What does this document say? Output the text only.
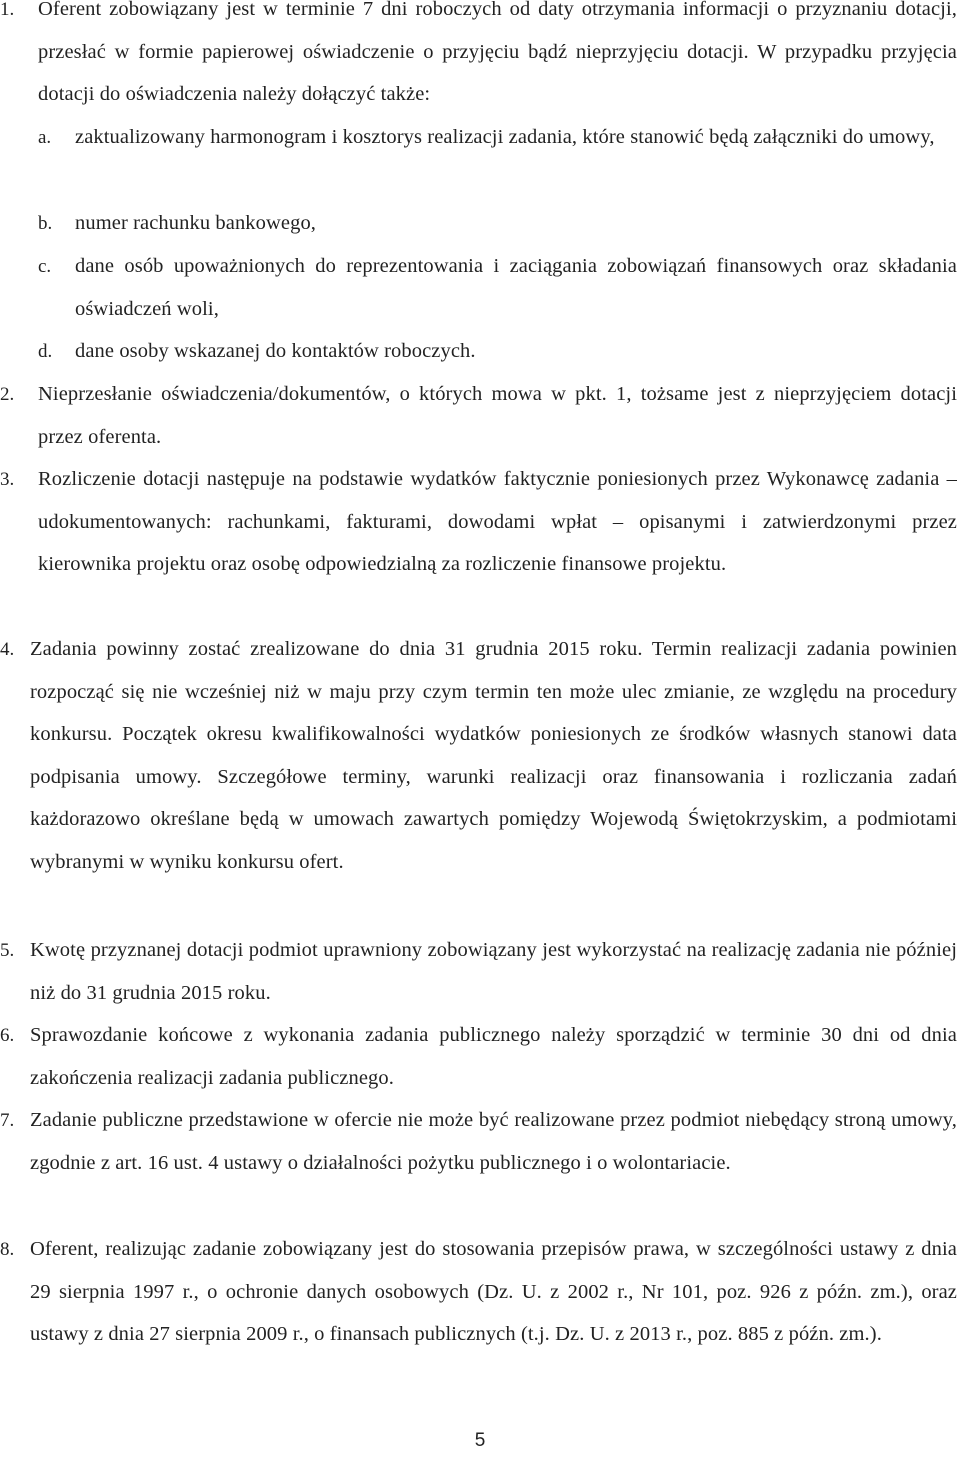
1. Oferent zobowiązany jest w terminie 7 dni roboczych od daty otrzymania informacji o przyznaniu dotacji, przesłać w formie papierowej oświadczenie o przyjęciu bądź nieprzyjęciu dotacji. W przypadku przyjęcia dotacji do oświadczenia należy dołączyć także:
a. zaktualizowany harmonogram i kosztorys realizacji zadania, które stanowić będą załączniki do umowy,
b. numer rachunku bankowego,
c. dane osób upoważnionych do reprezentowania i zaciągania zobowiązań finansowych oraz składania oświadczeń woli,
d. dane osoby wskazanej do kontaktów roboczych.
2. Nieprzesłanie oświadczenia/dokumentów, o których mowa w pkt. 1, tożsame jest z nieprzyjęciem dotacji przez oferenta.
3. Rozliczenie dotacji następuje na podstawie wydatków faktycznie poniesionych przez Wykonawcę zadania – udokumentowanych: rachunkami, fakturami, dowodami wpłat – opisanymi i zatwierdzonymi przez kierownika projektu oraz osobę odpowiedzialną za rozliczenie finansowe projektu.
4. Zadania powinny zostać zrealizowane do dnia 31 grudnia 2015 roku. Termin realizacji zadania powinien rozpocząć się nie wcześniej niż w maju przy czym termin ten może ulec zmianie, ze względu na procedury konkursu. Początek okresu kwalifikowalności wydatków poniesionych ze środków własnych stanowi data podpisania umowy. Szczegółowe terminy, warunki realizacji oraz finansowania i rozliczania zadań każdorazowo określane będą w umowach zawartych pomiędzy Wojewodą Świętokrzyskim, a podmiotami wybranymi w wyniku konkursu ofert.
5. Kwotę przyznanej dotacji podmiot uprawniony zobowiązany jest wykorzystać na realizację zadania nie później niż do 31 grudnia 2015 roku.
6. Sprawozdanie końcowe z wykonania zadania publicznego należy sporządzić w terminie 30 dni od dnia zakończenia realizacji zadania publicznego.
7. Zadanie publiczne przedstawione w ofercie nie może być realizowane przez podmiot niebędący stroną umowy, zgodnie z art. 16 ust. 4 ustawy o działalności pożytku publicznego i o wolontariacie.
8. Oferent, realizując zadanie zobowiązany jest do stosowania przepisów prawa, w szczególności ustawy z dnia 29 sierpnia 1997 r., o ochronie danych osobowych (Dz. U. z 2002 r., Nr 101, poz. 926 z późn. zm.), oraz ustawy z dnia 27 sierpnia 2009 r., o finansach publicznych (t.j. Dz. U. z 2013 r., poz. 885 z późn. zm.).
5
